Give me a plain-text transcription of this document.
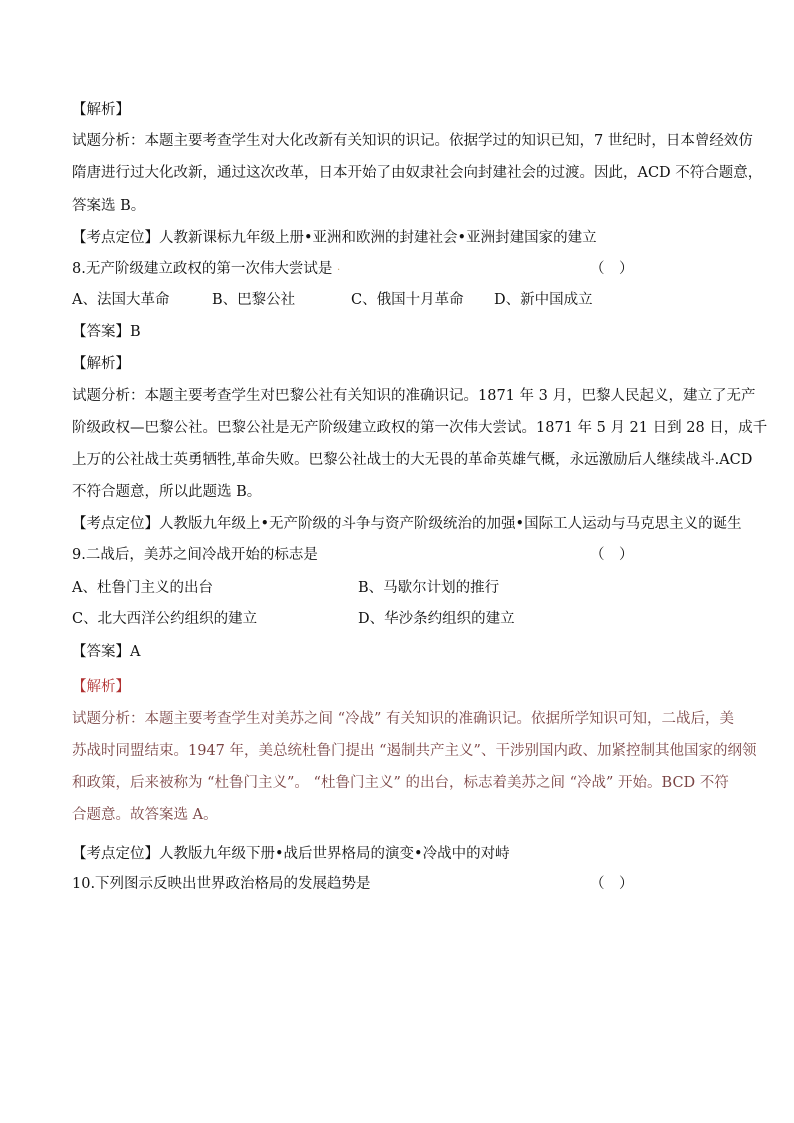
【解析】
试题分析：本题主要考查学生对大化改新有关知识的识记。依据学过的知识已知，7 世纪时，日本曾经效仿
隋唐进行过大化改新，通过这次改革，日本开始了由奴隶社会向封建社会的过渡。因此，ACD 不符合题意，
答案选 B。
【考点定位】人教新课标九年级上册•亚洲和欧洲的封建社会•亚洲封建国家的建立
8.无产阶级建立政权的第一次伟大尝试是 .	（　）
A、法国大革命	B、巴黎公社	C、俄国十月革命 D、新中国成立
【答案】B
【解析】
试题分析：本题主要考查学生对巴黎公社有关知识的准确识记。1871 年 3 月，巴黎人民起义，建立了无产
阶级政权—巴黎公社。巴黎公社是无产阶级建立政权的第一次伟大尝试。1871 年 5 月 21 日到 28 日，成千
上万的公社战士英勇牺牲,革命失败。巴黎公社战士的大无畏的革命英雄气概，永远激励后人继续战斗.ACD
不符合题意，所以此题选 B。
【考点定位】人教版九年级上•无产阶级的斗争与资产阶级统治的加强•国际工人运动与马克思主义的诞生
9.二战后，美苏之间冷战开始的标志是	（　）
A、杜鲁门主义的出台	B、马歇尔计划的推行
C、北大西洋公约组织的建立	D、华沙条约组织的建立
【答案】A
【解析】
试题分析：本题主要考查学生对美苏之间 “冷战” 有关知识的准确识记。依据所学知识可知，二战后，美
苏战时同盟结束。1947 年，美总统杜鲁门提出 “遏制共产主义”、干涉别国内政、加紧控制其他国家的纲领
和政策，后来被称为 “杜鲁门主义”。 “杜鲁门主义” 的出台，标志着美苏之间 “冷战” 开始。BCD 不符
合题意。故答案选 A。
【考点定位】人教版九年级下册•战后世界格局的演变•冷战中的对峙
10.下列图示反映出世界政治格局的发展趋势是	（　）
